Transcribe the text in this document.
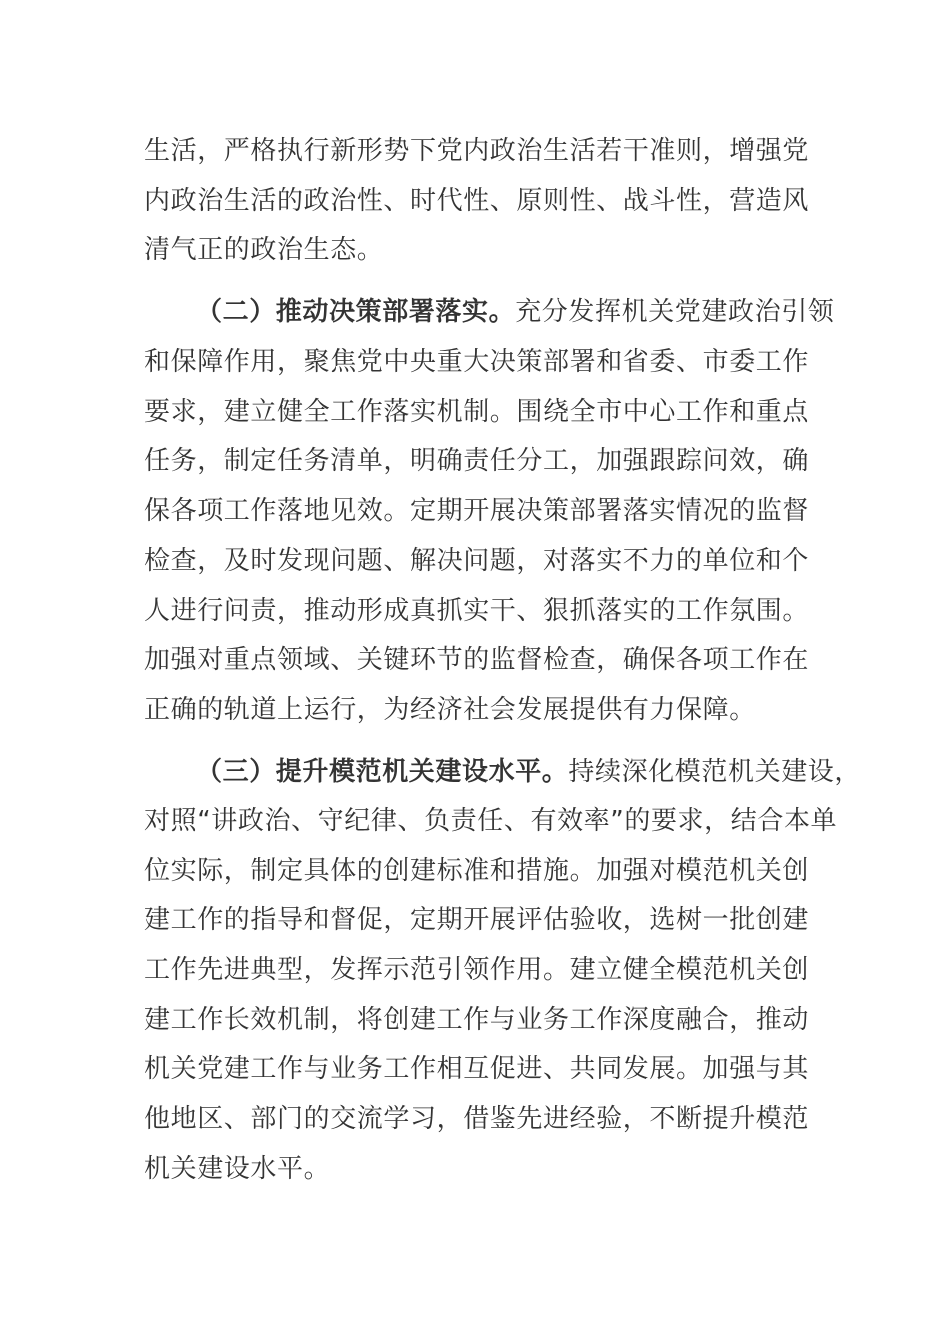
生活，严格执行新形势下党内政治生活若干准则，增强党
内政治生活的政治性、时代性、原则性、战斗性，营造风
清气正的政治生态。
（二）推动决策部署落实。充分发挥机关党建政治引领
和保障作用，聚焦党中央重大决策部署和省委、市委工作
要求，建立健全工作落实机制。围绕全市中心工作和重点
任务，制定任务清单，明确责任分工，加强跟踪问效，确
保各项工作落地见效。定期开展决策部署落实情况的监督
检查，及时发现问题、解决问题，对落实不力的单位和个
人进行问责，推动形成真抓实干、狠抓落实的工作氛围。
加强对重点领域、关键环节的监督检查，确保各项工作在
正确的轨道上运行，为经济社会发展提供有力保障。
（三）提升模范机关建设水平。持续深化模范机关建设，
对照“讲政治、守纪律、负责任、有效率”的要求，结合本单
位实际，制定具体的创建标准和措施。加强对模范机关创
建工作的指导和督促，定期开展评估验收，选树一批创建
工作先进典型，发挥示范引领作用。建立健全模范机关创
建工作长效机制，将创建工作与业务工作深度融合，推动
机关党建工作与业务工作相互促进、共同发展。加强与其
他地区、部门的交流学习，借鉴先进经验，不断提升模范
机关建设水平。
